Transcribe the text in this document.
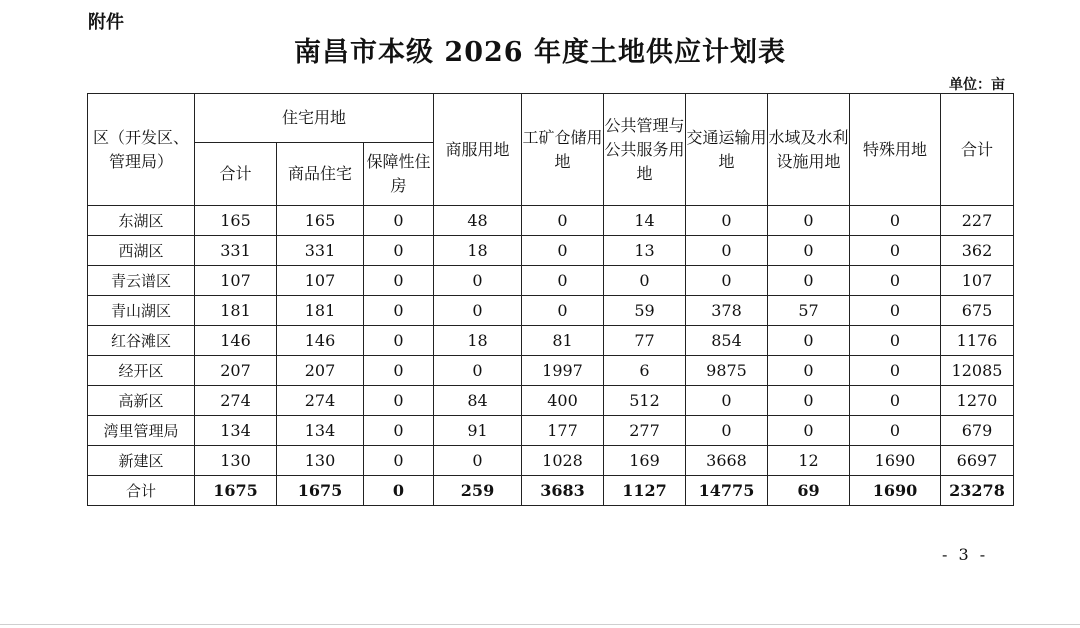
附件
南昌市本级 2026 年度土地供应计划表
单位：亩
区（开发区、管理局）	住宅用地			商服用地	工矿仓储用地	公共管理与公共服务用地	交通运输用地	水域及水利设施用地	特殊用地	合计
	合计	商品住宅	保障性住房							
东湖区	165	165	0	48	0	14	0	0	0	227
西湖区	331	331	0	18	0	13	0	0	0	362
青云谱区	107	107	0	0	0	0	0	0	0	107
青山湖区	181	181	0	0	0	59	378	57	0	675
红谷滩区	146	146	0	18	81	77	854	0	0	1176
经开区	207	207	0	0	1997	6	9875	0	0	12085
高新区	274	274	0	84	400	512	0	0	0	1270
湾里管理局	134	134	0	91	177	277	0	0	0	679
新建区	130	130	0	0	1028	169	3668	12	1690	6697
合计	1675	1675	0	259	3683	1127	14775	69	1690	23278
- 3 -
